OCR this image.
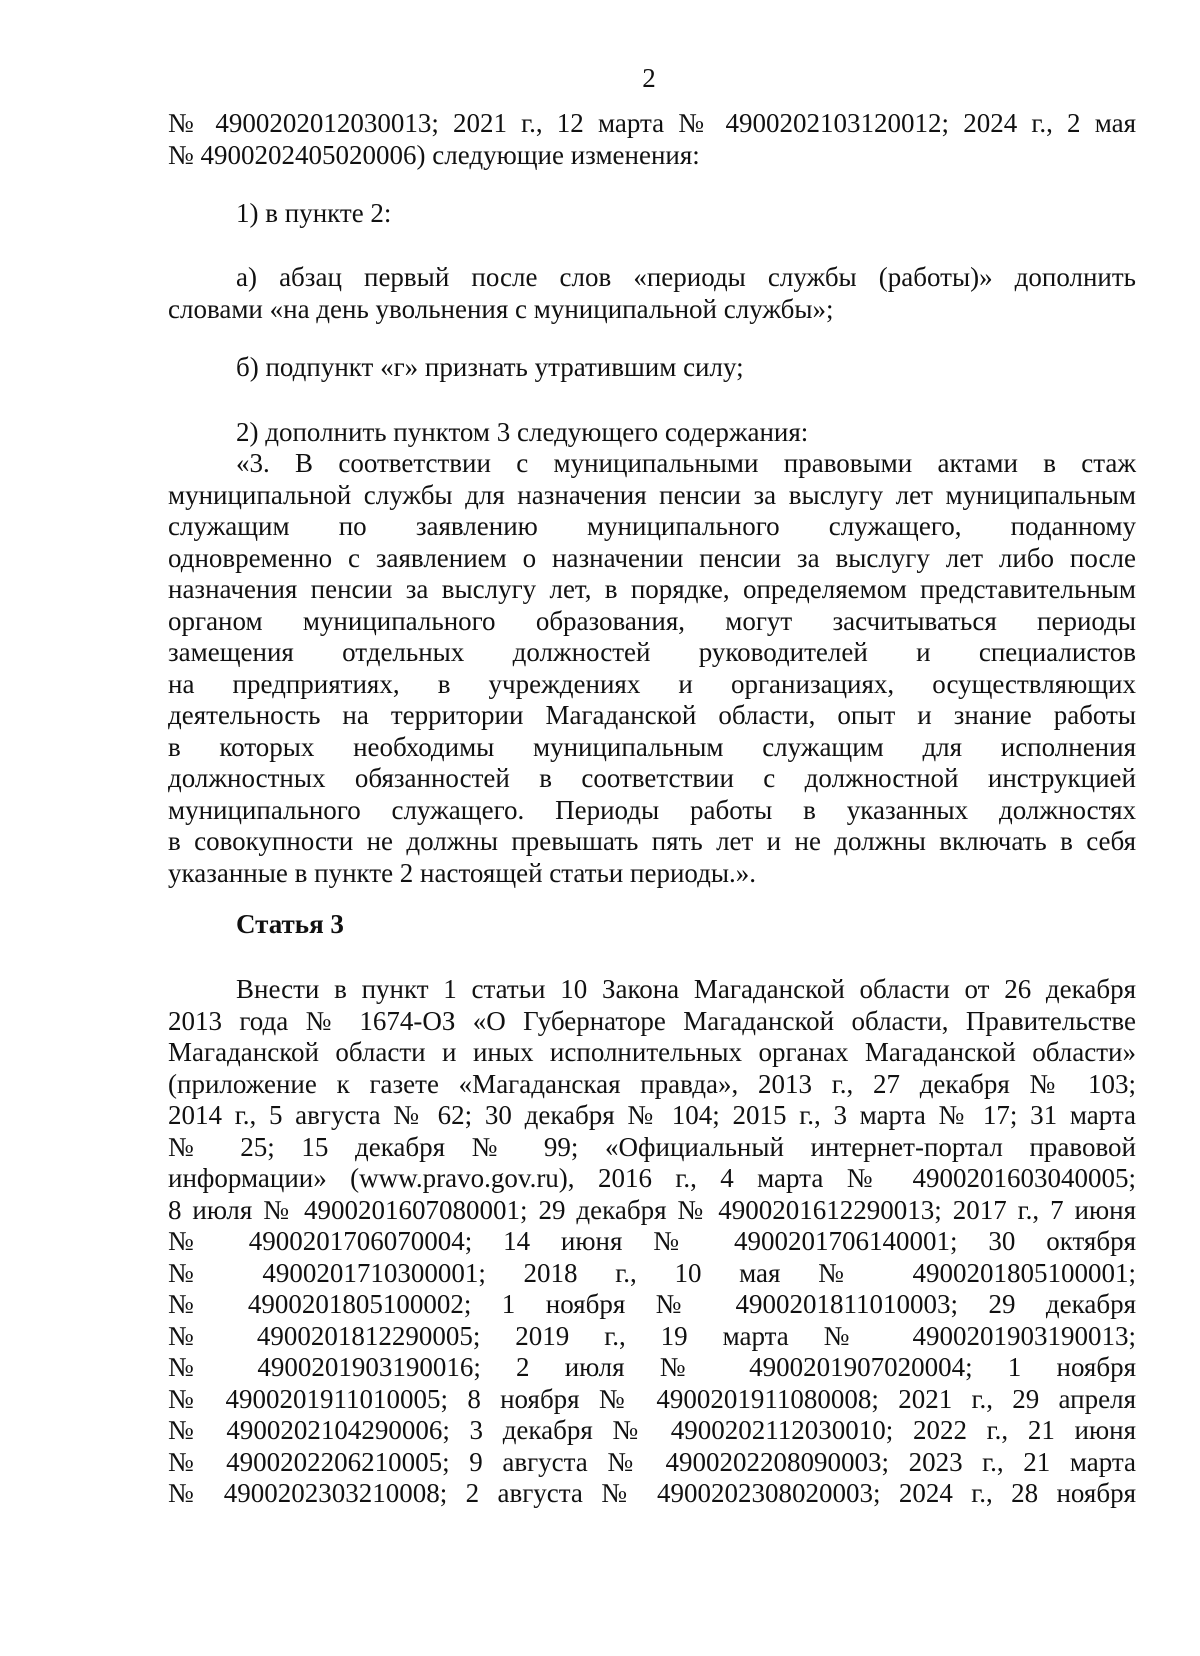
2
№ 4900202012030013; 2021 г., 12 марта № 4900202103120012; 2024 г., 2 мая
№ 4900202405020006) следующие изменения:
1) в пункте 2:
а) абзац первый после слов «периоды службы (работы)» дополнить
словами «на день увольнения с муниципальной службы»;
б) подпункт «г» признать утратившим силу;
2) дополнить пунктом 3 следующего содержания:
«3. В соответствии с муниципальными правовыми актами в стаж
муниципальной службы для назначения пенсии за выслугу лет муниципальным
служащим по заявлению муниципального служащего, поданному
одновременно с заявлением о назначении пенсии за выслугу лет либо после
назначения пенсии за выслугу лет, в порядке, определяемом представительным
органом муниципального образования, могут засчитываться периоды
замещения отдельных должностей руководителей и специалистов
на предприятиях, в учреждениях и организациях, осуществляющих
деятельность на территории Магаданской области, опыт и знание работы
в которых необходимы муниципальным служащим для исполнения
должностных обязанностей в соответствии с должностной инструкцией
муниципального служащего. Периоды работы в указанных должностях
в совокупности не должны превышать пять лет и не должны включать в себя
указанные в пункте 2 настоящей статьи периоды.».
Статья 3
Внести в пункт 1 статьи 10 Закона Магаданской области от 26 декабря
2013 года № 1674-ОЗ «О Губернаторе Магаданской области, Правительстве
Магаданской области и иных исполнительных органах Магаданской области»
(приложение к газете «Магаданская правда», 2013 г., 27 декабря № 103;
2014 г., 5 августа № 62; 30 декабря № 104; 2015 г., 3 марта № 17; 31 марта
№ 25; 15 декабря № 99; «Официальный интернет-портал правовой
информации» (www.pravo.gov.ru), 2016 г., 4 марта № 4900201603040005;
8 июля № 4900201607080001; 29 декабря № 4900201612290013; 2017 г., 7 июня
№ 4900201706070004; 14 июня № 4900201706140001; 30 октября
№ 4900201710300001; 2018 г., 10 мая № 4900201805100001;
№ 4900201805100002; 1 ноября № 4900201811010003; 29 декабря
№ 4900201812290005; 2019 г., 19 марта № 4900201903190013;
№ 4900201903190016; 2 июля № 4900201907020004; 1 ноября
№ 4900201911010005; 8 ноября № 4900201911080008; 2021 г., 29 апреля
№ 4900202104290006; 3 декабря № 4900202112030010; 2022 г., 21 июня
№ 4900202206210005; 9 августа № 4900202208090003; 2023 г., 21 марта
№ 4900202303210008; 2 августа № 4900202308020003; 2024 г., 28 ноября
